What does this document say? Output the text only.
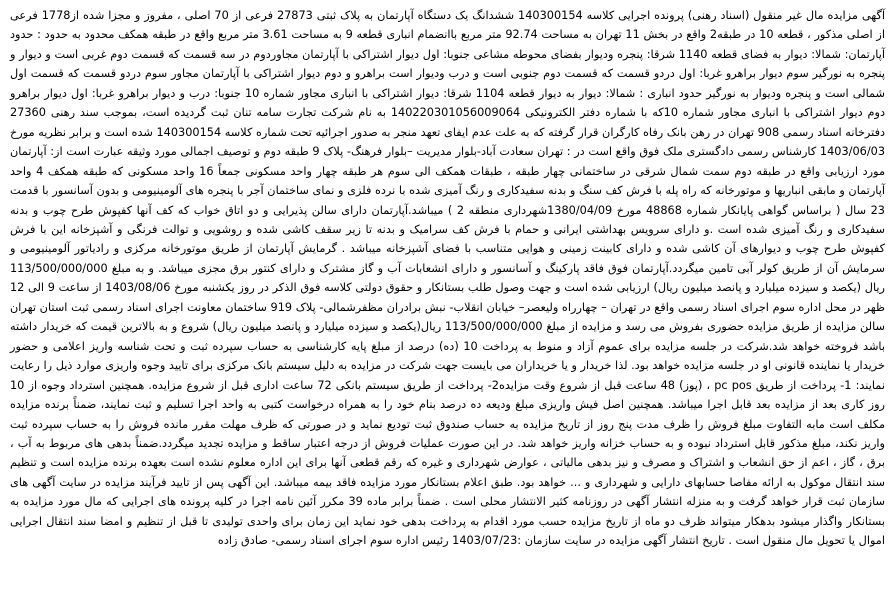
آگهی مزایده مال غیر منقول (اسناد رهنی) پرونده اجرایی کلاسه 140300154 ششدانگ یک دستگاه آپارتمان به پلاک ثبتی 27873 فرعی از 70 اصلی ، مفروز و مجزا شده از1778 فرعی از اصلی مذکور ، قطعه 10 در طبقه2 واقع در بخش 11 تهران به مساحت 92.74 متر مربع باانضمام انباری قطعه 9 به مساحت 3.61 متر مربع واقع در طبقه همکف محدود به حدود : حدود آپارتمان: شمالا: دیوار به فضای قطعه 1140 شرقا: پنجره ودیوار بفضای محوطه مشاعی جنوبا: اول دیوار اشتراکی با آپارتمان مجاوردوم در سه قسمت که قسمت دوم غربی است و دیوار و پنجره به نورگیر سوم دیوار براهرو غربا: اول دردو قسمت که قسمت دوم جنوبی است و درب ودیوار است براهرو و دوم دیوار اشتراکی با آپارتمان مجاور سوم دردو قسمت که قسمت اول شمالی است و پنجره ودیوار به نورگیر حدود انباری : شمالا: دیوار به دیوار قطعه 1104 شرقا: دیوار اشتراکی با انباری مجاور شماره 10 جنوبا: درب و دیوار براهرو غربا: اول دیوار براهرو دوم دیوار اشتراکی با انباری مجاور شماره 10که با شماره دفتر الکترونیکی 140220301056009064 به نام شرکت تجارت سامه تنان ثبت گردیده است، بموجب سند رهنی 27360 دفترخانه اسناد رسمی 908 تهران در رهن بانک رفاه کارگران قرار گرفته که به علت عدم ایفای تعهد منجر به صدور اجرائیه تحت شماره کلاسه 140300154 شده است و برابر نظریه مورخ 1403/06/03 کارشناس رسمی دادگستری ملک فوق واقع است در : تهران سعادت آباد-بلوار مدیریت –بلوار فرهنگ- پلاک 9 طبقه دوم و توصیف اجمالی مورد وثیقه عبارت است از: آپارتمان مورد ارزیابی واقع در طبقه دوم سمت شمال شرقی در ساختمانی چهار طبقه ، طبقات همکف الی سوم هر طبقه چهار واحد مسکونی جمعاً 16 واحد مسکونی که طبقه همکف 4 واحد آپارتمان و مابقی انباریها و موتورخانه که راه پله با فرش کف سنگ و بدنه سفیدکاری و رنگ آمیزی شده با نرده فلزی و نمای ساختمان آجر با پنجره های آلومینیومی و بدون آسانسور با قدمت 23 سال ( براساس گواهی پایانکار شماره 48868 مورخ 1380/04/09شهرداری منطقه 2 ) میباشد.آپارتمان دارای سالن پذیرایی و دو اتاق خواب که کف آنها کفپوش طرح چوب و بدنه سفیدکاری و رنگ آمیزی شده است .و دارای سرویس بهداشتی ایرانی و حمام با فرش کف سرامیک و بدنه تا زیر سقف کاشی شده و روشویی و توالت فرنگی و آشپزخانه این با فرش کفپوش طرح چوب و دیوارهای آن کاشی شده و دارای کابینت زمینی و هوایی متناسب با فضای آشپزخانه میباشد . گرمایش آپارتمان از طریق موتورخانه مرکزی و رادیاتور آلومینیومی و سرمایش آن از طریق کولر آبی تامین میگردد.آپارتمان فوق فاقد پارکینگ و آسانسور و دارای انشعابات آب و گاز مشترک و دارای کنتور برق مجزی میباشد. و به مبلغ 113/500/000/000 ریال (یکصد و سیزده میلیارد و پانصد میلیون ریال) ارزیابی شده است و جهت وصول طلب بستانکار و حقوق دولتی کلاسه فوق الذکر در روز یکشنبه مورخ 1403/08/06 از ساعت 9 الی 12 ظهر در محل اداره سوم اجرای اسناد رسمی واقع در تهران – چهارراه ولیعصر– خیابان انقلاب- نبش برادران مظفرشمالی- پلاک 919 ساختمان معاونت اجرای اسناد رسمی ثبت استان تهران سالن مزایده از طریق مزایده حضوری بفروش می رسد و مزایده از مبلغ 113/500/000/000 ریال(یکصد و سیزده میلیارد و پانصد میلیون ریال) شروع و به بالاترین قیمت که خریدار داشته باشد فروخته خواهد شد.شرکت در جلسه مزایده برای عموم آزاد و منوط به پرداخت 10 (ده) درصد از مبلغ پایه کارشناسی به حساب سپرده ثبت و تحت شناسه واریز اعلامی و حضور خریدار یا نماینده قانونی او در جلسه مزایده خواهد بود. لذا خریدار و یا خریداران می بایست جهت شرکت در مزایده به دلیل سیستم بانک مرکزی برای تایید وجوه واریزی موارد ذیل را رعایت نمایند: 1- پرداخت از طریق pc pos ، (پوز) 48 ساعت قبل از شروع وقت مزایده2- پرداخت از طریق سیستم بانکی 72 ساعت اداری قبل از شروع مزایده. همچنین استرداد وجوه از 10 روز کاری بعد از مزایده بعد قابل اجرا میباشد. همچنین اصل فیش واریزی مبلغ ودیعه ده درصد بنام خود را به همراه درخواست کتبی به واحد اجرا تسلیم و ثبت نمایند، ضمناً برنده مزایده مکلف است مابه التفاوت مبلغ فروش را ظرف مدت پنج روز از تاریخ مزایده به حساب صندوق ثبت تودیع نماید و در صورتی که ظرف مهلت مقرر مانده فروش را به حساب سپرده ثبت واریز نکند، مبلغ مذکور قابل استرداد نبوده و به حساب خزانه واریز خواهد شد. در این صورت عملیات فروش از درجه اعتبار ساقط و مزایده تجدید میگردد.ضمناً بدهی های مربوط به آب ، برق ، گاز ، اعم از حق انشعاب و اشتراک و مصرف و نیز بدهی مالیاتی ، عوارض شهرداری و غیره که رقم قطعی آنها برای این اداره معلوم نشده است بعهده برنده مزایده است و تنظیم سند انتقال موکول به ارائه مفاصا حسابهای دارایی و شهرداری و ... خواهد بود. طبق اعلام بستانکار مورد مزایده فاقد بیمه میباشد. این آگهی پس از تایید فرآیند مزایده در سایت آگهی های سازمان ثبت قرار خواهد گرفت و به منزله انتشار آگهی در روزنامه کثیر الانتشار محلی است . ضمناً برابر ماده 39 مکرر آئین نامه اجرا در کلیه پرونده های اجرایی که مال مورد مزایده به بستانکار واگذار میشود بدهکار میتواند ظرف دو ماه از تاریخ مزایده حسب مورد اقدام به پرداخت بدهی خود نماید این زمان برای واحدی تولیدی تا قبل از تنظیم و امضا سند انتقال اجرایی اموال یا تحویل مال منقول است . تاریخ انتشار آگهی مزایده در سایت سازمان :1403/07/23 رئیس اداره سوم اجرای اسناد رسمی- صادق زاده
